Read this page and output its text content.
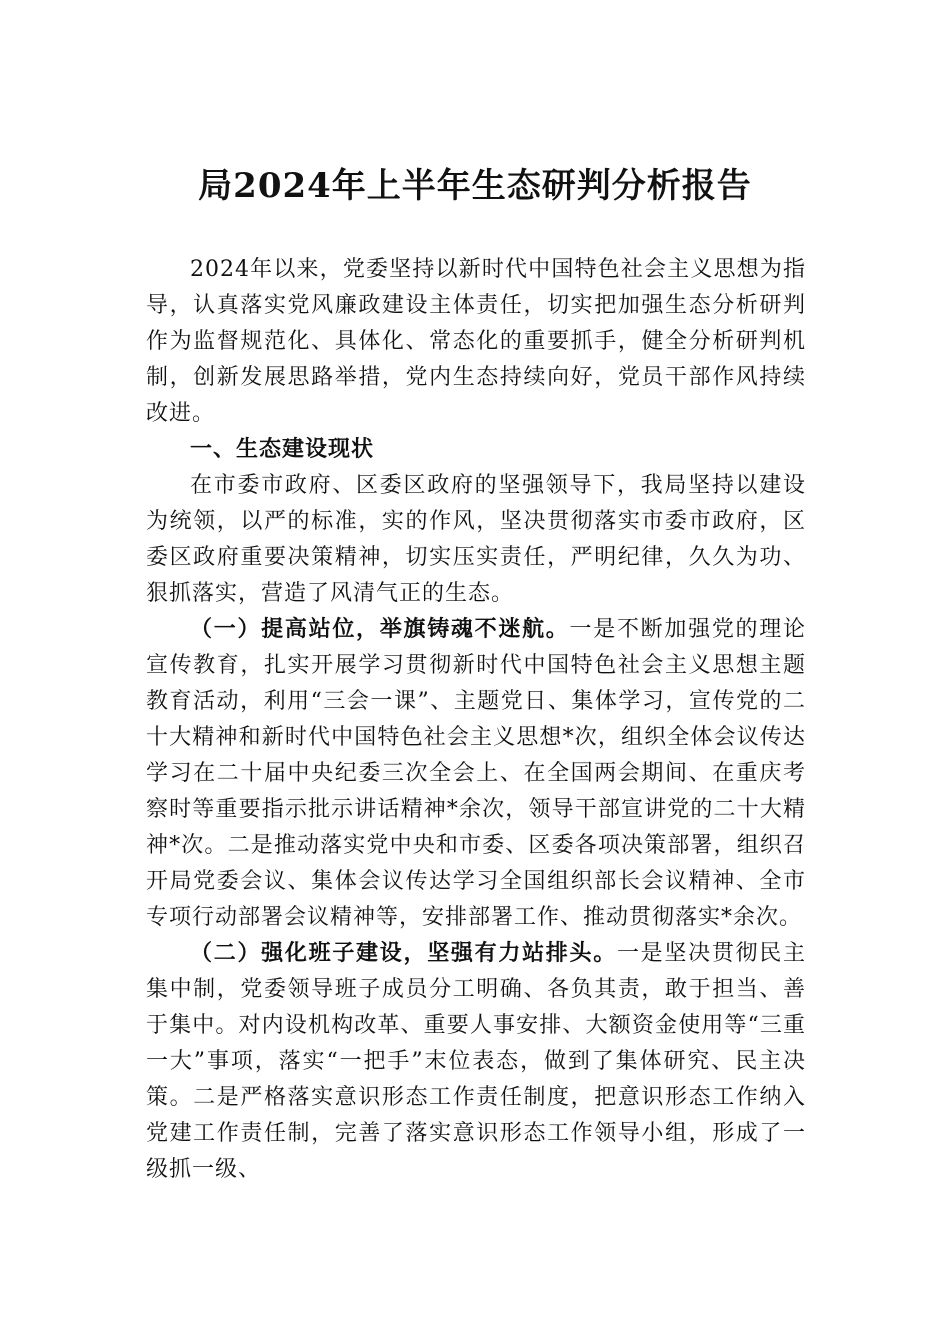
局2024年上半年生态研判分析报告

2024年以来，党委坚持以新时代中国特色社会主义思想为指导，认真落实党风廉政建设主体责任，切实把加强生态分析研判作为监督规范化、具体化、常态化的重要抓手，健全分析研判机制，创新发展思路举措，党内生态持续向好，党员干部作风持续改进。

一、生态建设现状

在市委市政府、区委区政府的坚强领导下，我局坚持以建设为统领，以严的标准，实的作风，坚决贯彻落实市委市政府，区委区政府重要决策精神，切实压实责任，严明纪律，久久为功、狠抓落实，营造了风清气正的生态。

（一）提高站位，举旗铸魂不迷航。一是不断加强党的理论宣传教育，扎实开展学习贯彻新时代中国特色社会主义思想主题教育活动，利用“三会一课”、主题党日、集体学习，宣传党的二十大精神和新时代中国特色社会主义思想*次，组织全体会议传达学习在二十届中央纪委三次全会上、在全国两会期间、在重庆考察时等重要指示批示讲话精神*余次，领导干部宣讲党的二十大精神*次。二是推动落实党中央和市委、区委各项决策部署，组织召开局党委会议、集体会议传达学习全国组织部长会议精神、全市专项行动部署会议精神等，安排部署工作、推动贯彻落实*余次。

（二）强化班子建设，坚强有力站排头。一是坚决贯彻民主集中制，党委领导班子成员分工明确、各负其责，敢于担当、善于集中。对内设机构改革、重要人事安排、大额资金使用等“三重一大”事项，落实“一把手”末位表态，做到了集体研究、民主决策。二是严格落实意识形态工作责任制度，把意识形态工作纳入党建工作责任制，完善了落实意识形态工作领导小组，形成了一级抓一级、
